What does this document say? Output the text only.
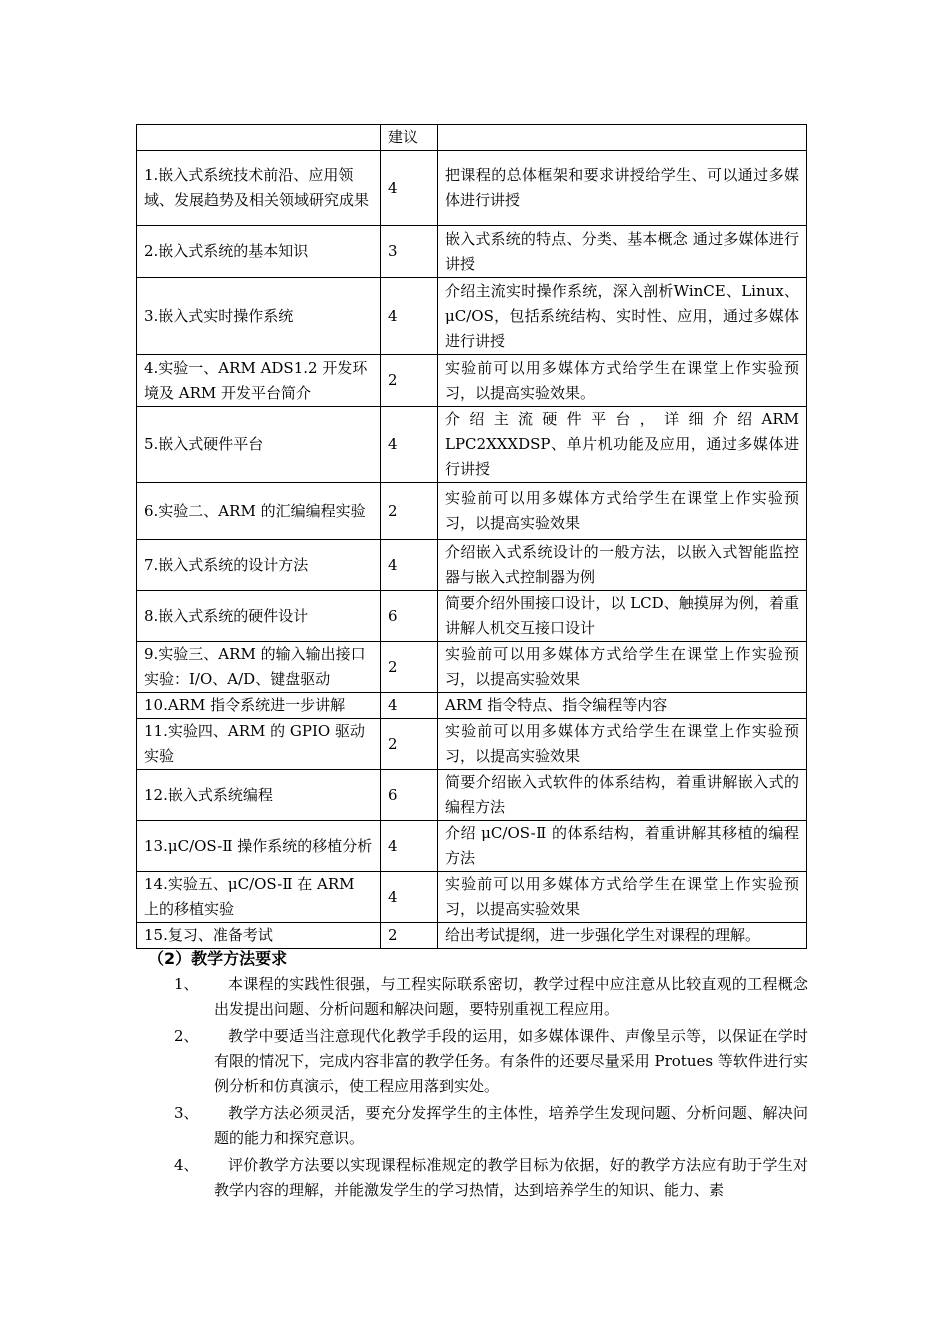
	建议	
1.嵌入式系统技术前沿、应用领域、发展趋势及相关领域研究成果	4	把课程的总体框架和要求讲授给学生、可以通过多媒体进行讲授
2.嵌入式系统的基本知识	3	嵌入式系统的特点、分类、基本概念 通过多媒体进行讲授
3.嵌入式实时操作系统	4	介绍主流实时操作系统，深入剖析WinCE、Linux、μC/OS，包括系统结构、实时性、应用，通过多媒体进行讲授
4.实验一、ARM ADS1.2 开发环境及 ARM 开发平台简介	2	实验前可以用多媒体方式给学生在课堂上作实验预习，以提高实验效果。
5.嵌入式硬件平台	4	介绍主流硬件平台，详细介绍ARM LPC2XXXDSP、单片机功能及应用，通过多媒体进行讲授
6.实验二、ARM 的汇编编程实验	2	实验前可以用多媒体方式给学生在课堂上作实验预习，以提高实验效果
7.嵌入式系统的设计方法	4	介绍嵌入式系统设计的一般方法，以嵌入式智能监控器与嵌入式控制器为例
8.嵌入式系统的硬件设计	6	简要介绍外围接口设计，以 LCD、触摸屏为例，着重讲解人机交互接口设计
9.实验三、ARM 的输入输出接口实验：I/O、A/D、键盘驱动	2	实验前可以用多媒体方式给学生在课堂上作实验预习，以提高实验效果
10.ARM 指令系统进一步讲解	4	ARM 指令特点、指令编程等内容
11.实验四、ARM 的 GPIO 驱动实验	2	实验前可以用多媒体方式给学生在课堂上作实验预习，以提高实验效果
12.嵌入式系统编程	6	简要介绍嵌入式软件的体系结构，着重讲解嵌入式的编程方法
13.μC/OS-Ⅱ 操作系统的移植分析	4	介绍 μC/OS-Ⅱ 的体系结构，着重讲解其移植的编程方法
14.实验五、μC/OS-Ⅱ 在 ARM 上的移植实验	4	实验前可以用多媒体方式给学生在课堂上作实验预习，以提高实验效果
15.复习、准备考试	2	给出考试提纲，进一步强化学生对课程的理解。
（2）教学方法要求
1、	本课程的实践性很强，与工程实际联系密切，教学过程中应注意从比较直观的工程概念出发提出问题、分析问题和解决问题，要特别重视工程应用。
2、	教学中要适当注意现代化教学手段的运用，如多媒体课件、声像呈示等，以保证在学时有限的情况下，完成内容非富的教学任务。有条件的还要尽量采用 Protues 等软件进行实例分析和仿真演示，使工程应用落到实处。
3、	教学方法必须灵活，要充分发挥学生的主体性，培养学生发现问题、分析问题、解决问题的能力和探究意识。
4、	评价教学方法要以实现课程标准规定的教学目标为依据，好的教学方法应有助于学生对教学内容的理解，并能激发学生的学习热情，达到培养学生的知识、能力、素
